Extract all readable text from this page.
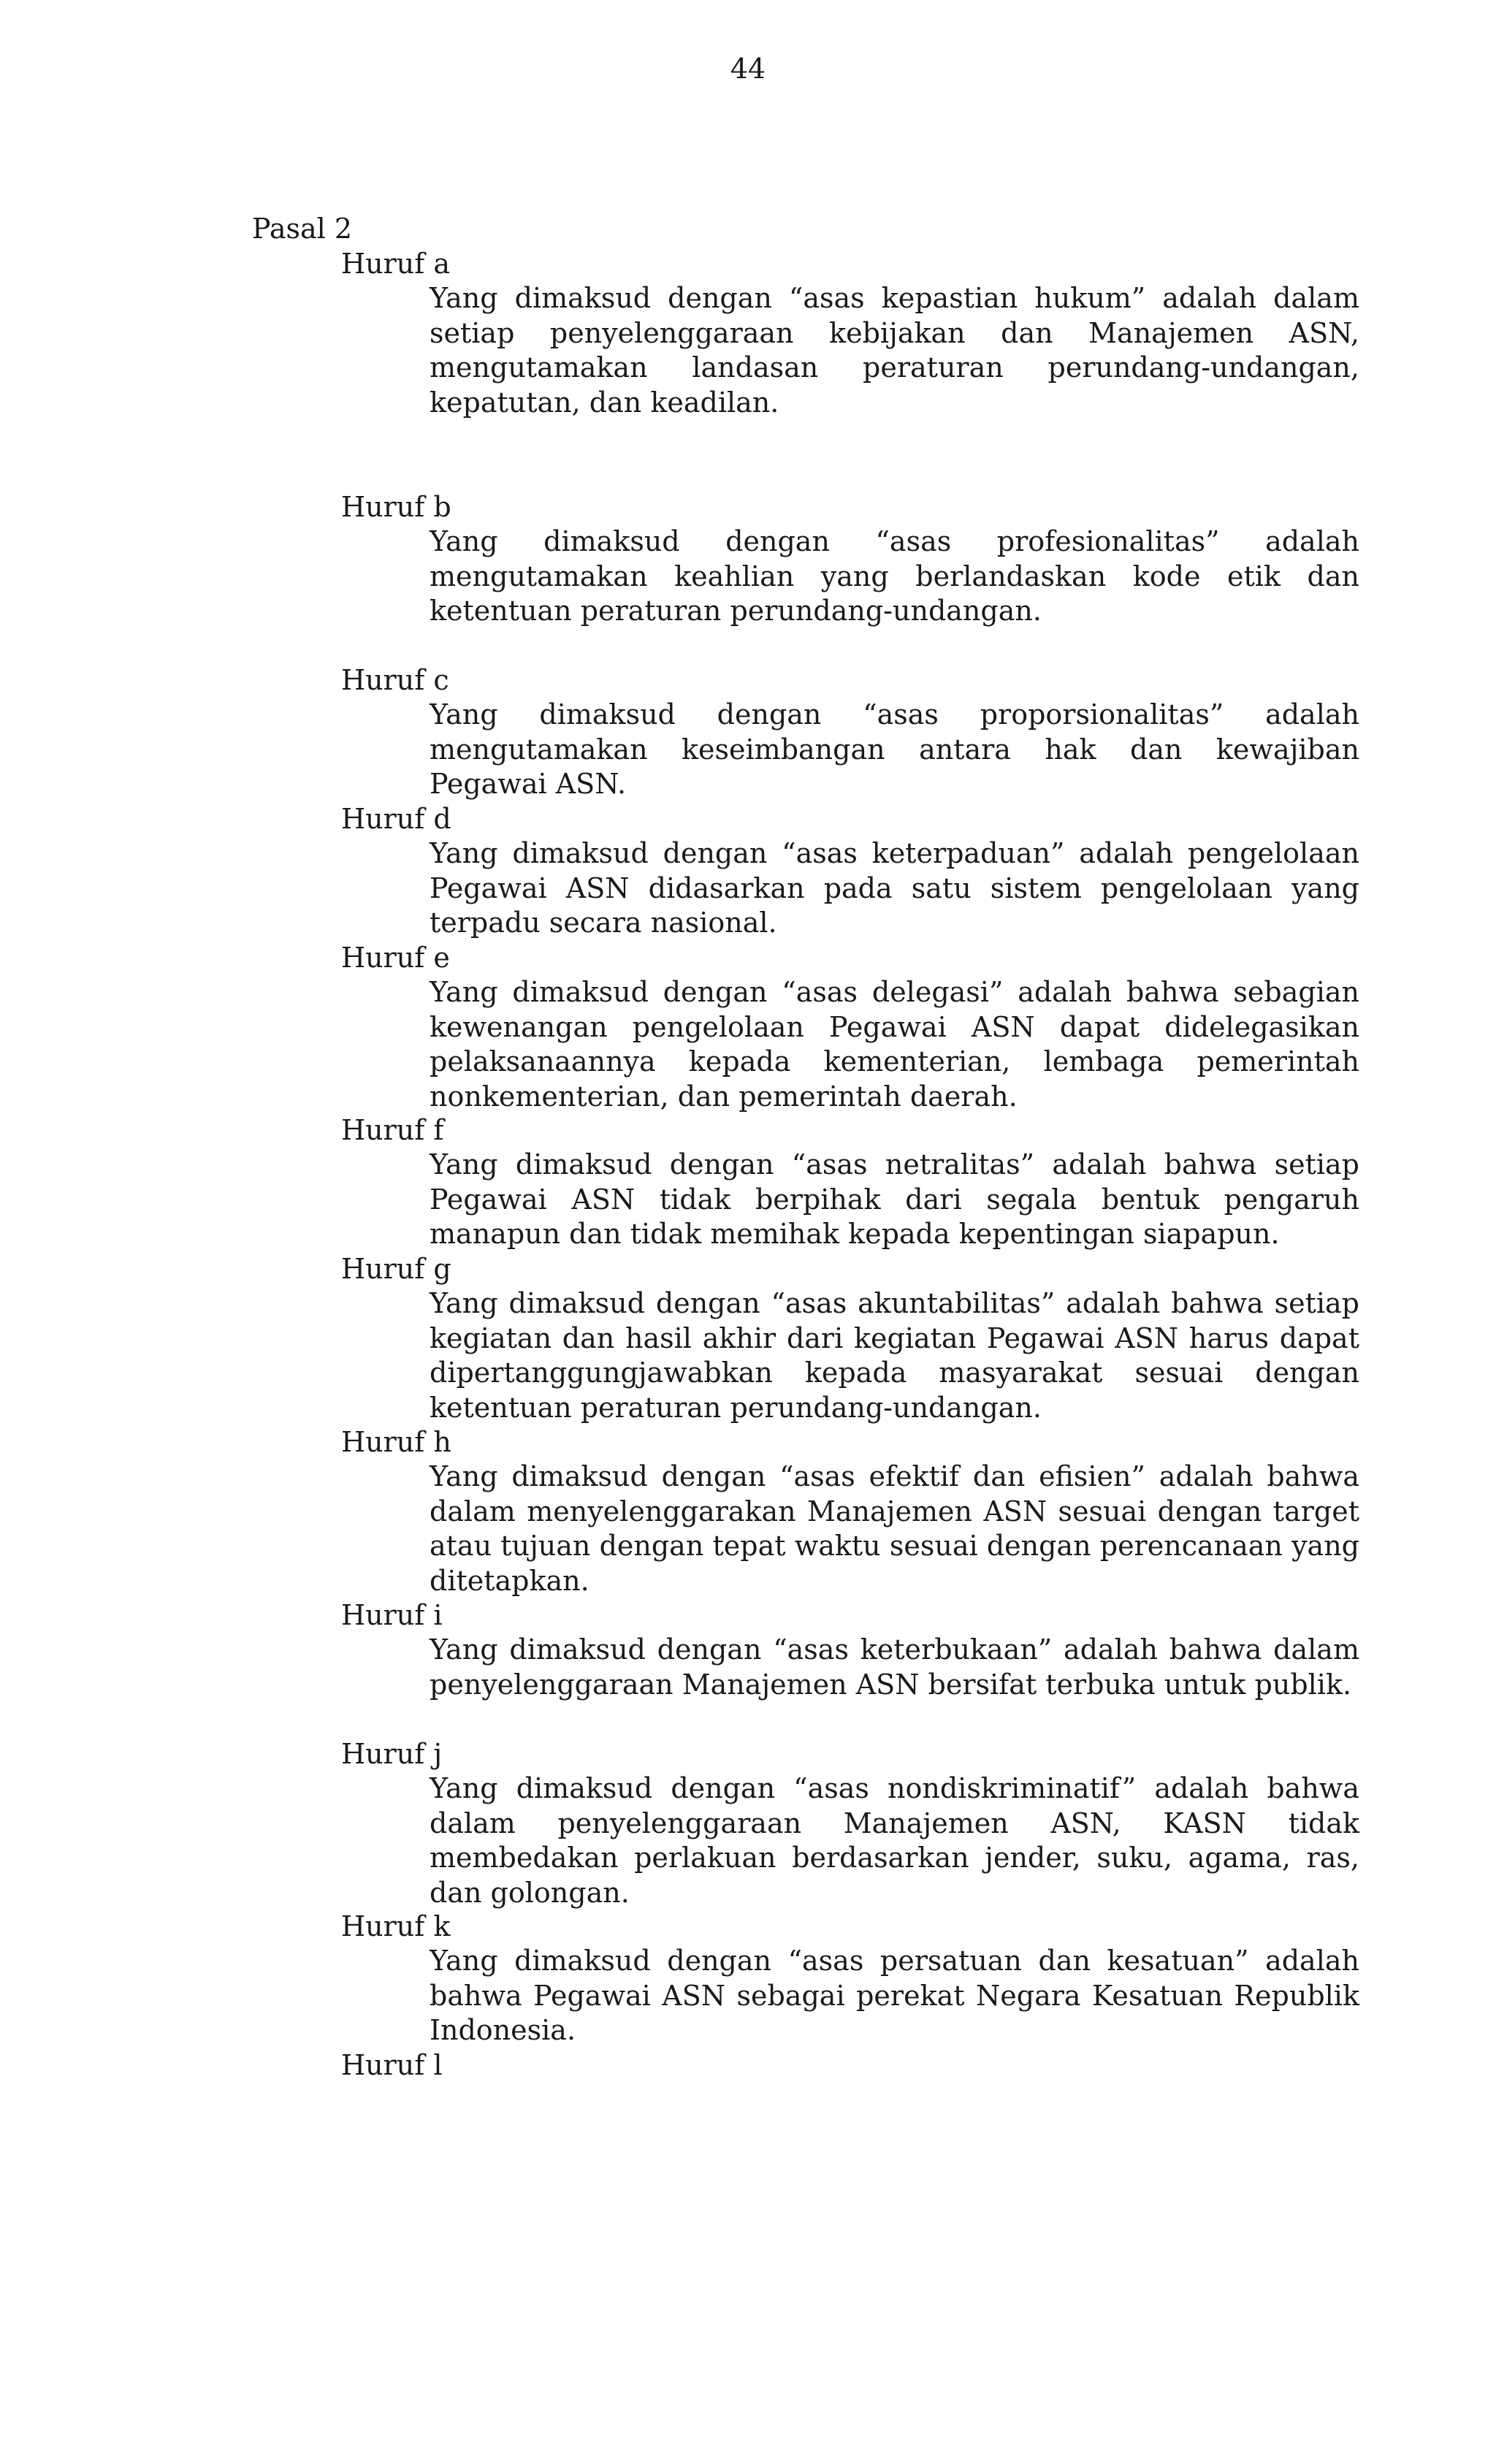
44
Pasal 2
Huruf a
Yang dimaksud dengan “asas kepastian hukum” adalah dalam setiap penyelenggaraan kebijakan dan Manajemen ASN, mengutamakan landasan peraturan perundang-undangan, kepatutan, dan keadilan.
Huruf b
Yang dimaksud dengan “asas profesionalitas” adalah mengutamakan keahlian yang berlandaskan kode etik dan ketentuan peraturan perundang-undangan.
Huruf c
Yang dimaksud dengan “asas proporsionalitas” adalah mengutamakan keseimbangan antara hak dan kewajiban Pegawai ASN.
Huruf d
Yang dimaksud dengan “asas keterpaduan” adalah pengelolaan Pegawai ASN didasarkan pada satu sistem pengelolaan yang terpadu secara nasional.
Huruf e
Yang dimaksud dengan “asas delegasi” adalah bahwa sebagian kewenangan pengelolaan Pegawai ASN dapat didelegasikan pelaksanaannya kepada kementerian, lembaga pemerintah nonkementerian, dan pemerintah daerah.
Huruf f
Yang dimaksud dengan “asas netralitas” adalah bahwa setiap Pegawai ASN tidak berpihak dari segala bentuk pengaruh manapun dan tidak memihak kepada kepentingan siapapun.
Huruf g
Yang dimaksud dengan “asas akuntabilitas” adalah bahwa setiap kegiatan dan hasil akhir dari kegiatan Pegawai ASN harus dapat dipertanggungjawabkan kepada masyarakat sesuai dengan ketentuan peraturan perundang-undangan.
Huruf h
Yang dimaksud dengan “asas efektif dan efisien” adalah bahwa dalam menyelenggarakan Manajemen ASN sesuai dengan target atau tujuan dengan tepat waktu sesuai dengan perencanaan yang ditetapkan.
Huruf i
Yang dimaksud dengan “asas keterbukaan” adalah bahwa dalam penyelenggaraan Manajemen ASN bersifat terbuka untuk publik.
Huruf j
Yang dimaksud dengan “asas nondiskriminatif” adalah bahwa dalam penyelenggaraan Manajemen ASN, KASN tidak membedakan perlakuan berdasarkan jender, suku, agama, ras, dan golongan.
Huruf k
Yang dimaksud dengan “asas persatuan dan kesatuan” adalah bahwa Pegawai ASN sebagai perekat Negara Kesatuan Republik Indonesia.
Huruf l
